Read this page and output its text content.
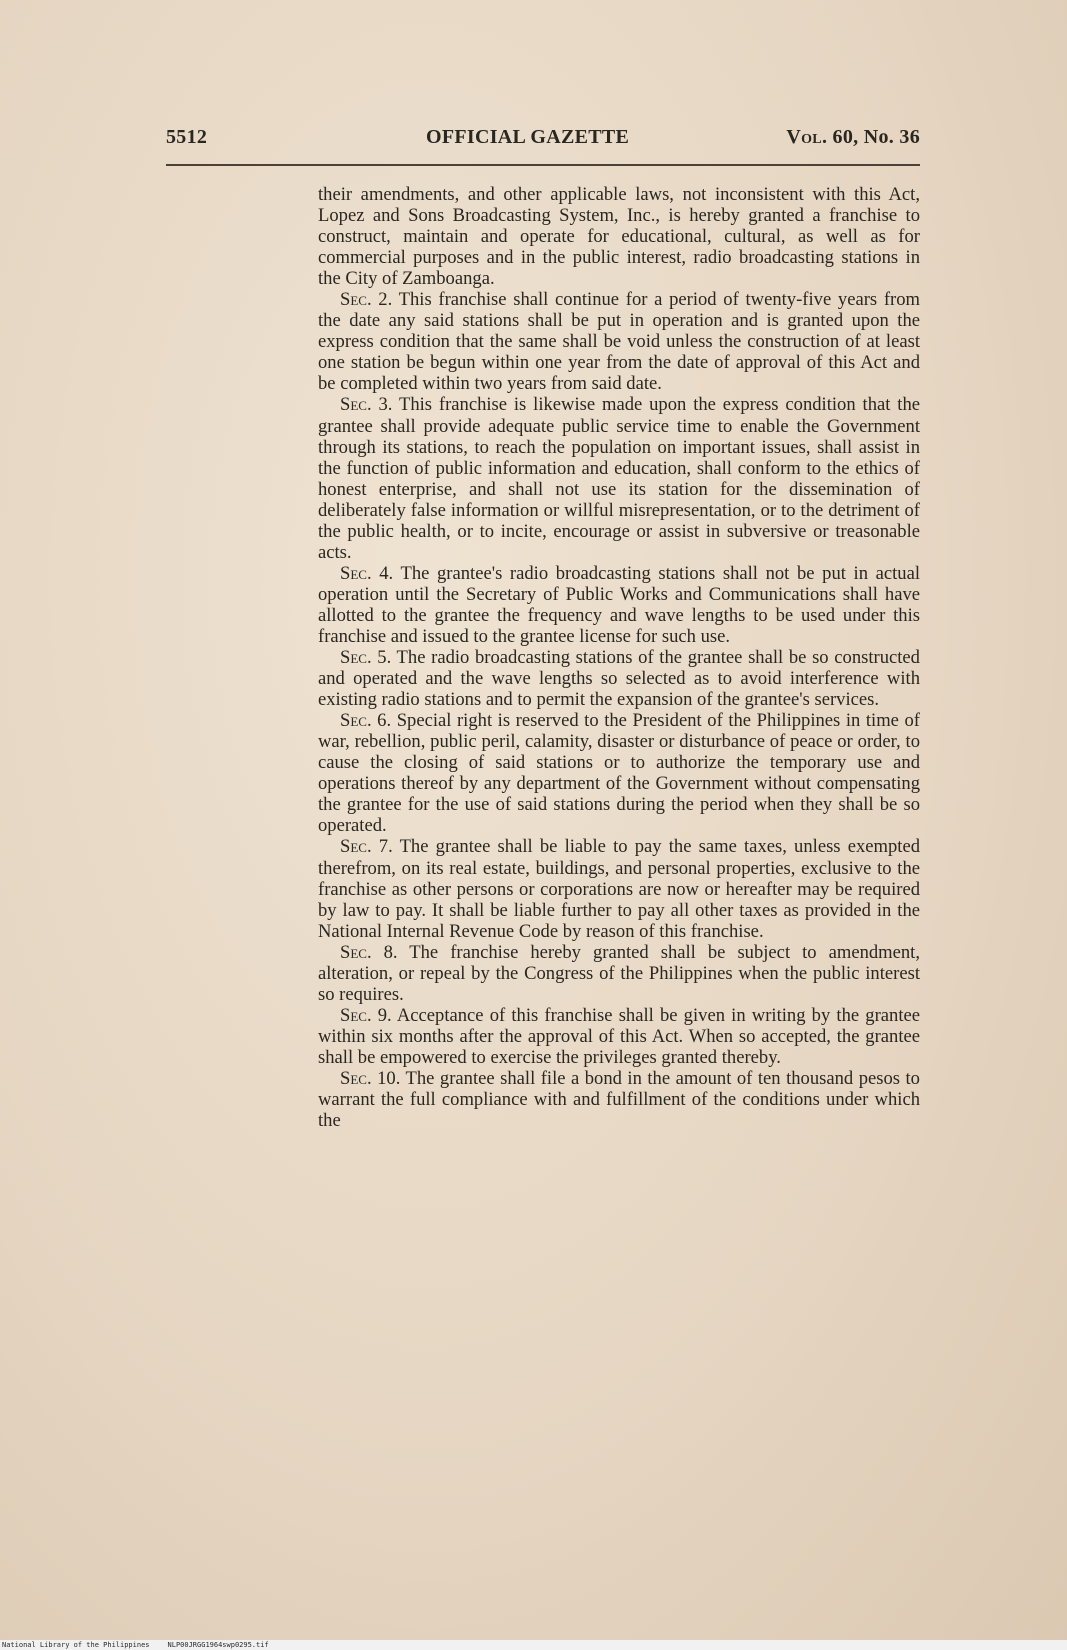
5512	OFFICIAL GAZETTE	Vol. 60, No. 36

their amendments, and other applicable laws, not inconsistent with this Act, Lopez and Sons Broadcasting System, Inc., is hereby granted a franchise to construct, maintain and operate for educational, cultural, as well as for commercial purposes and in the public interest, radio broadcasting stations in the City of Zamboanga.

Sec. 2. This franchise shall continue for a period of twenty-five years from the date any said stations shall be put in operation and is granted upon the express condition that the same shall be void unless the construction of at least one station be begun within one year from the date of approval of this Act and be completed within two years from said date.

Sec. 3. This franchise is likewise made upon the express condition that the grantee shall provide adequate public service time to enable the Government through its stations, to reach the population on important issues, shall assist in the function of public information and education, shall conform to the ethics of honest enterprise, and shall not use its station for the dissemination of deliberately false information or willful misrepresentation, or to the detriment of the public health, or to incite, encourage or assist in subversive or treasonable acts.

Sec. 4. The grantee's radio broadcasting stations shall not be put in actual operation until the Secretary of Public Works and Communications shall have allotted to the grantee the frequency and wave lengths to be used under this franchise and issued to the grantee license for such use.

Sec. 5. The radio broadcasting stations of the grantee shall be so constructed and operated and the wave lengths so selected as to avoid interference with existing radio stations and to permit the expansion of the grantee's services.

Sec. 6. Special right is reserved to the President of the Philippines in time of war, rebellion, public peril, calamity, disaster or disturbance of peace or order, to cause the closing of said stations or to authorize the temporary use and operations thereof by any department of the Government without compensating the grantee for the use of said stations during the period when they shall be so operated.

Sec. 7. The grantee shall be liable to pay the same taxes, unless exempted therefrom, on its real estate, buildings, and personal properties, exclusive to the franchise as other persons or corporations are now or hereafter may be required by law to pay. It shall be liable further to pay all other taxes as provided in the National Internal Revenue Code by reason of this franchise.

Sec. 8. The franchise hereby granted shall be subject to amendment, alteration, or repeal by the Congress of the Philippines when the public interest so requires.

Sec. 9. Acceptance of this franchise shall be given in writing by the grantee within six months after the approval of this Act. When so accepted, the grantee shall be empowered to exercise the privileges granted thereby.

Sec. 10. The grantee shall file a bond in the amount of ten thousand pesos to warrant the full compliance with and fulfillment of the conditions under which the

National Library of the Philippines	NLP00JRGG1964swp0295.tif
